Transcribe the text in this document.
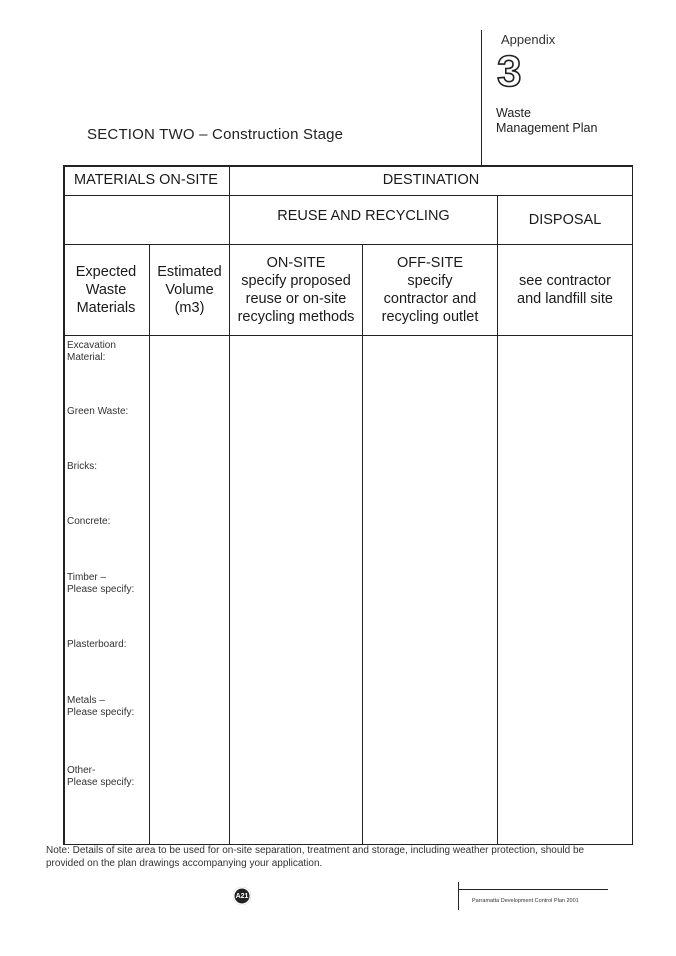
Appendix
3
Waste
Management Plan
SECTION TWO – Construction Stage
MATERIALS ON-SITE	DESTINATION
REUSE AND RECYCLING	DISPOSAL
Expected
Waste
Materials
Estimated
Volume
(m3)
ON-SITE
specify proposed
reuse or on-site
recycling methods
OFF-SITE
specify
contractor and
recycling outlet
see contractor
and landfill site
Excavation
Material:
Green Waste:
Bricks:
Concrete:
Timber –
Please specify:
Plasterboard:
Metals –
Please specify:
Other-
Please specify:
Note: Details of site area to be used for on-site separation, treatment and storage, including weather protection, should be
provided on the plan drawings accompanying your application.
A21
Parramatta Development Control Plan 2001
